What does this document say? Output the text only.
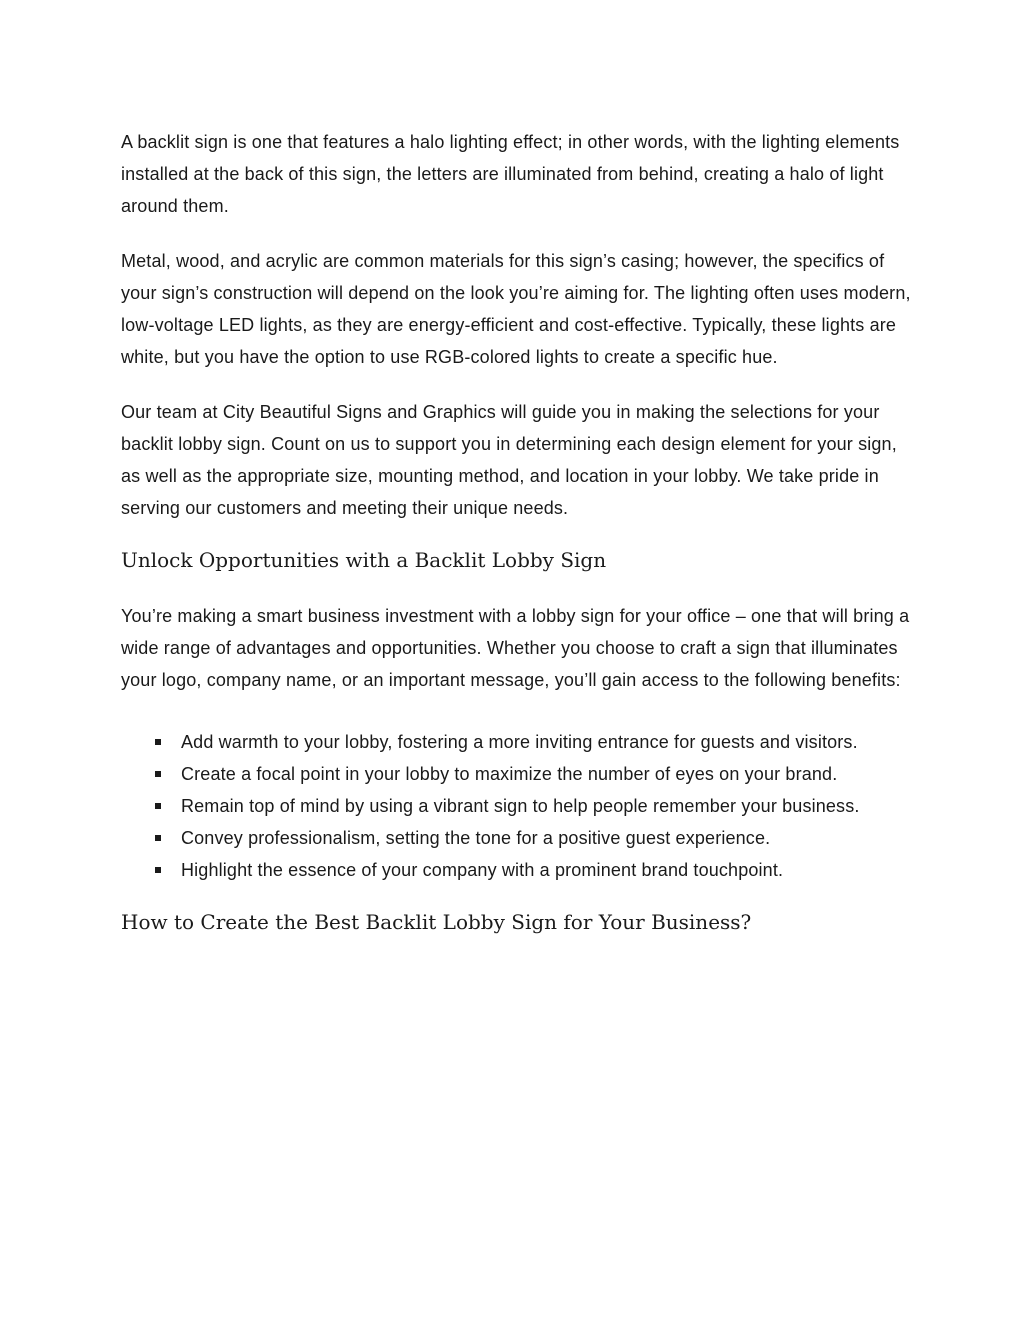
A backlit sign is one that features a halo lighting effect; in other words, with the lighting elements installed at the back of this sign, the letters are illuminated from behind, creating a halo of light around them.

Metal, wood, and acrylic are common materials for this sign’s casing; however, the specifics of your sign’s construction will depend on the look you’re aiming for. The lighting often uses modern, low-voltage LED lights, as they are energy-efficient and cost-effective. Typically, these lights are white, but you have the option to use RGB-colored lights to create a specific hue.

Our team at City Beautiful Signs and Graphics will guide you in making the selections for your backlit lobby sign. Count on us to support you in determining each design element for your sign, as well as the appropriate size, mounting method, and location in your lobby. We take pride in serving our customers and meeting their unique needs.

Unlock Opportunities with a Backlit Lobby Sign

You’re making a smart business investment with a lobby sign for your office – one that will bring a wide range of advantages and opportunities. Whether you choose to craft a sign that illuminates your logo, company name, or an important message, you’ll gain access to the following benefits:

Add warmth to your lobby, fostering a more inviting entrance for guests and visitors.
Create a focal point in your lobby to maximize the number of eyes on your brand.
Remain top of mind by using a vibrant sign to help people remember your business.
Convey professionalism, setting the tone for a positive guest experience.
Highlight the essence of your company with a prominent brand touchpoint.
How to Create the Best Backlit Lobby Sign for Your Business?
